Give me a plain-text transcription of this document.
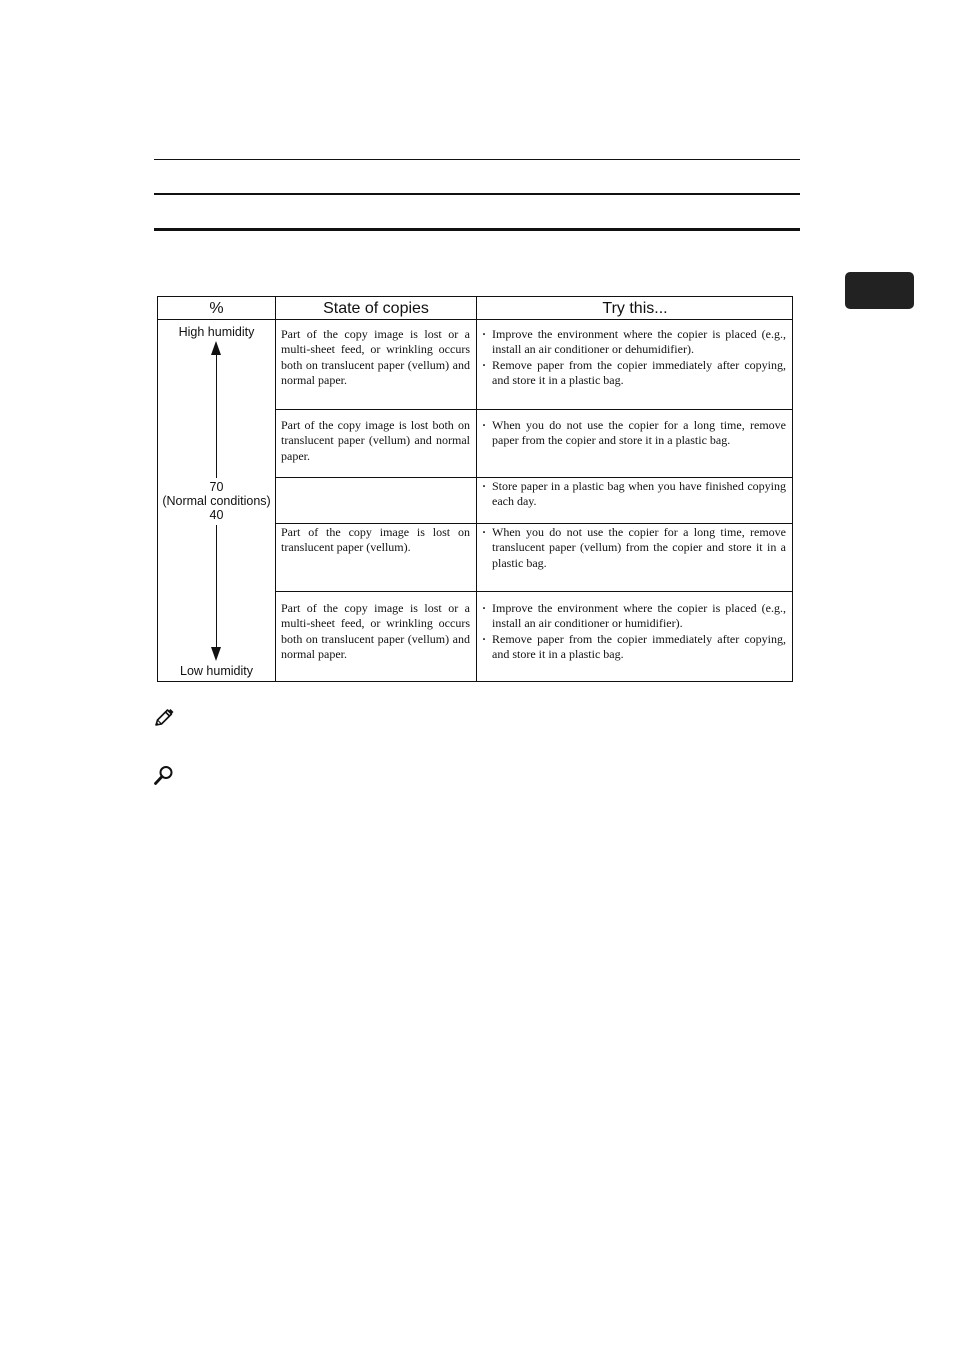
%	State of copies	Try this...
High humidity
70
(Normal conditions)
40
Low humidity
Part of the copy image is lost or a multi-sheet feed, or wrinkling occurs both on translucent paper (vellum) and normal paper.
· Improve the environment where the copier is placed (e.g., install an air conditioner or dehumidifier).
· Remove paper from the copier immediately after copying, and store it in a plastic bag.
Part of the copy image is lost both on translucent paper (vellum) and normal paper.
· When you do not use the copier for a long time, remove paper from the copier and store it in a plastic bag.
· Store paper in a plastic bag when you have finished copying each day.
Part of the copy image is lost on translucent paper (vellum).
· When you do not use the copier for a long time, remove translucent paper (vellum) from the copier and store it in a plastic bag.
Part of the copy image is lost or a multi-sheet feed, or wrinkling occurs both on translucent paper (vellum) and normal paper.
· Improve the environment where the copier is placed (e.g., install an air conditioner or humidifier).
· Remove paper from the copier immediately after copying, and store it in a plastic bag.
